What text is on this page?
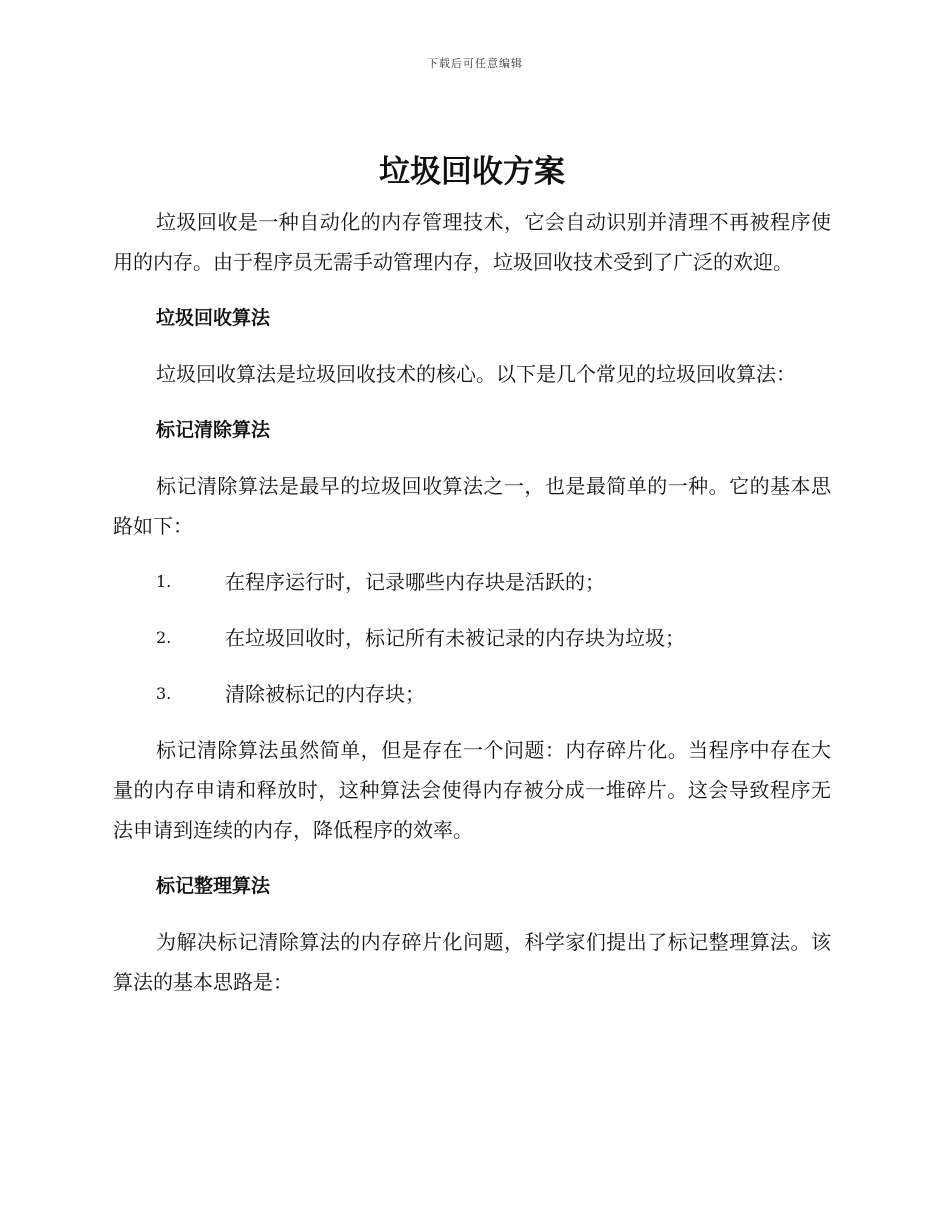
下载后可任意编辑
垃圾回收方案

垃圾回收是一种自动化的内存管理技术，它会自动识别并清理不再被程序使用的内存。由于程序员无需手动管理内存，垃圾回收技术受到了广泛的欢迎。

垃圾回收算法

垃圾回收算法是垃圾回收技术的核心。以下是几个常见的垃圾回收算法：

标记清除算法

标记清除算法是最早的垃圾回收算法之一，也是最简单的一种。它的基本思路如下：

1.	在程序运行时，记录哪些内存块是活跃的；
2.	在垃圾回收时，标记所有未被记录的内存块为垃圾；
3.	清除被标记的内存块；

标记清除算法虽然简单，但是存在一个问题：内存碎片化。当程序中存在大量的内存申请和释放时，这种算法会使得内存被分成一堆碎片。这会导致程序无法申请到连续的内存，降低程序的效率。

标记整理算法

为解决标记清除算法的内存碎片化问题，科学家们提出了标记整理算法。该算法的基本思路是：
